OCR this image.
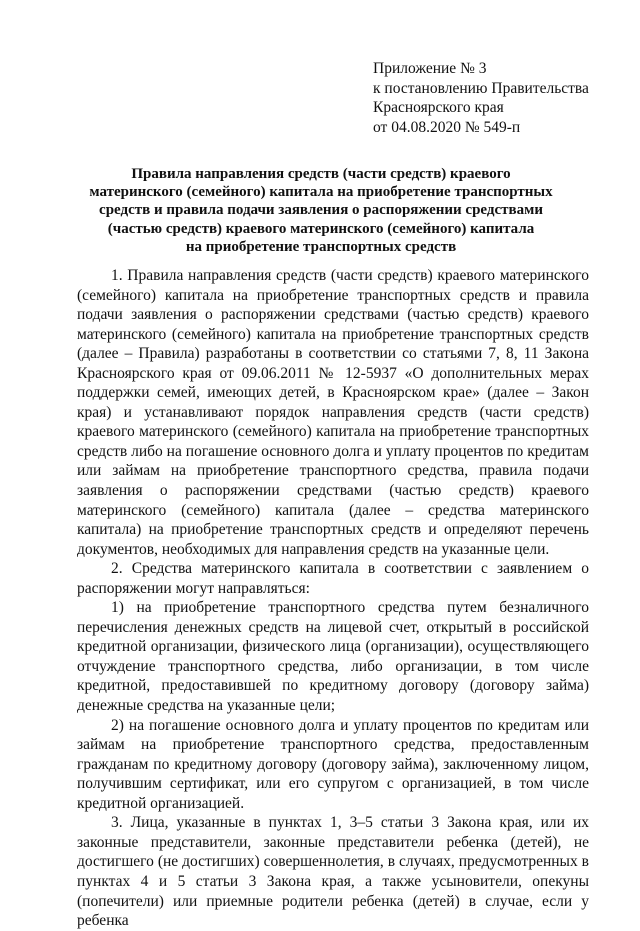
Приложение № 3
к постановлению Правительства
Красноярского края
от 04.08.2020 № 549-п
Правила направления средств (части средств) краевого
материнского (семейного) капитала на приобретение транспортных
средств и правила подачи заявления о распоряжении средствами
(частью средств) краевого материнского (семейного) капитала
на приобретение транспортных средств

1. Правила направления средств (части средств) краевого материнского (семейного) капитала на приобретение транспортных средств и правила подачи заявления о распоряжении средствами (частью средств) краевого материнского (семейного) капитала на приобретение транспортных средств (далее – Правила) разработаны в соответствии со статьями 7, 8, 11 Закона Красноярского края от 09.06.2011 № 12-5937 «О дополнительных мерах поддержки семей, имеющих детей, в Красноярском крае» (далее – Закон края) и устанавливают порядок направления средств (части средств) краевого материнского (семейного) капитала на приобретение транспортных средств либо на погашение основного долга и уплату процентов по кредитам или займам на приобретение транспортного средства, правила подачи заявления о распоряжении средствами (частью средств) краевого материнского (семейного) капитала (далее – средства материнского капитала) на приобретение транспортных средств и определяют перечень документов, необходимых для направления средств на указанные цели.

2. Средства материнского капитала в соответствии с заявлением о распоряжении могут направляться:

1) на приобретение транспортного средства путем безналичного перечисления денежных средств на лицевой счет, открытый в российской кредитной организации, физического лица (организации), осуществляющего отчуждение транспортного средства, либо организации, в том числе кредитной, предоставившей по кредитному договору (договору займа) денежные средства на указанные цели;

2) на погашение основного долга и уплату процентов по кредитам или займам на приобретение транспортного средства, предоставленным гражданам по кредитному договору (договору займа), заключенному лицом, получившим сертификат, или его супругом с организацией, в том числе кредитной организацией.

3. Лица, указанные в пунктах 1, 3–5 статьи 3 Закона края, или их законные представители, законные представители ребенка (детей), не достигшего (не достигших) совершеннолетия, в случаях, предусмотренных в пунктах 4 и 5 статьи 3 Закона края, а также усыновители, опекуны (попечители) или приемные родители ребенка (детей) в случае, если у ребенка
